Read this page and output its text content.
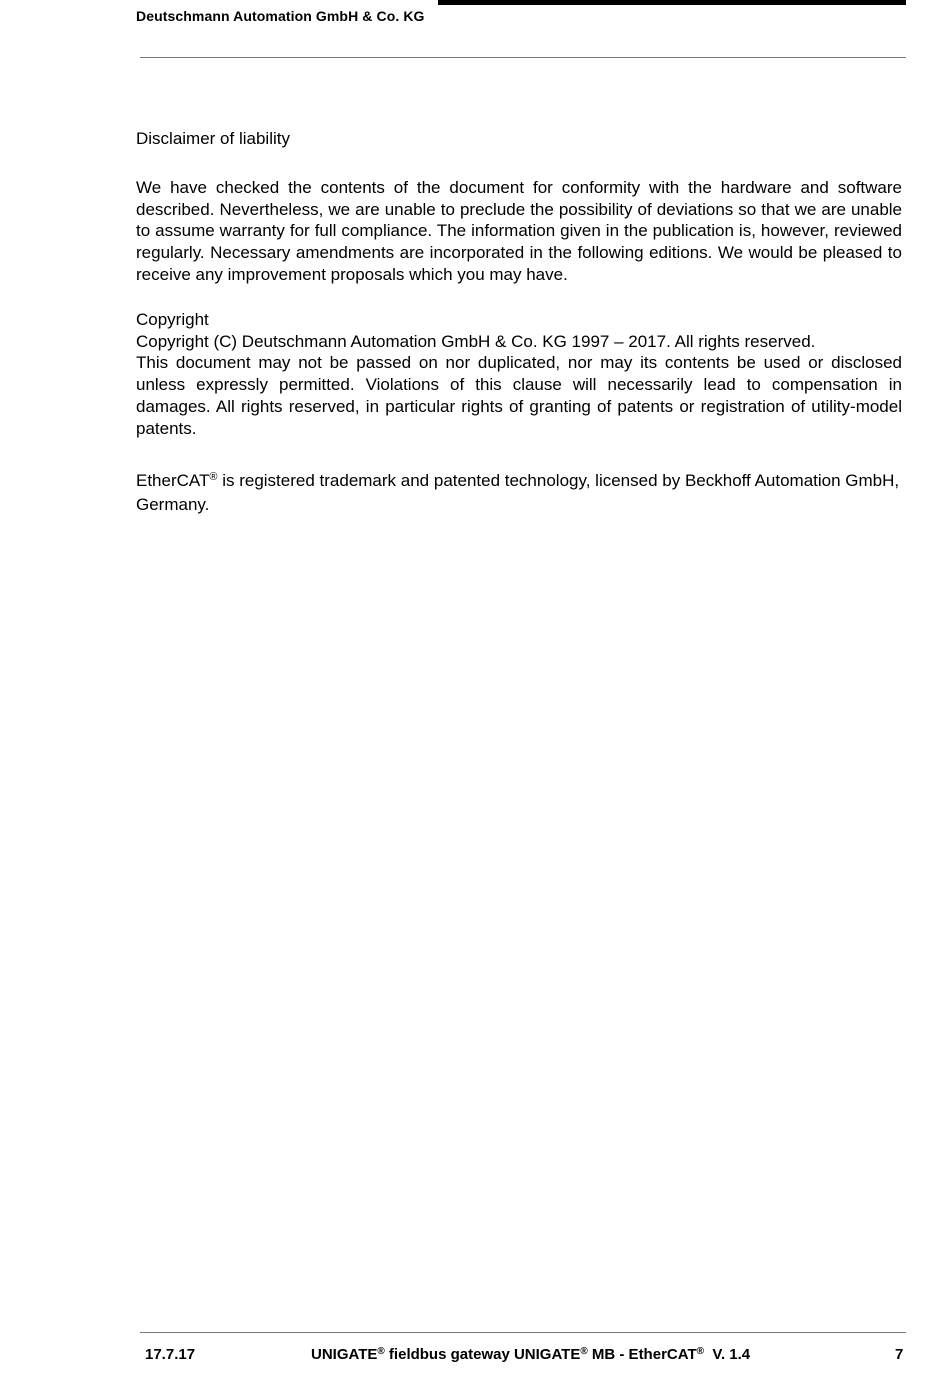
Deutschmann Automation GmbH & Co. KG

Disclaimer of liability

We have checked the contents of the document for conformity with the hardware and software described. Nevertheless, we are unable to preclude the possibility of deviations so that we are unable to assume warranty for full compliance. The information given in the publication is, however, reviewed regularly. Necessary amendments are incorporated in the following editions. We would be pleased to receive any improvement proposals which you may have.

Copyright

Copyright (C) Deutschmann Automation GmbH & Co. KG 1997 – 2017. All rights reserved.

This document may not be passed on nor duplicated, nor may its contents be used or disclosed unless expressly permitted. Violations of this clause will necessarily lead to compensation in damages. All rights reserved, in particular rights of granting of patents or registration of utility-model patents.

EtherCAT® is registered trademark and patented technology, licensed by Beckhoff Automation GmbH, Germany.

17.7.17	UNIGATE® fieldbus gateway UNIGATE® MB - EtherCAT®  V. 1.4	7
